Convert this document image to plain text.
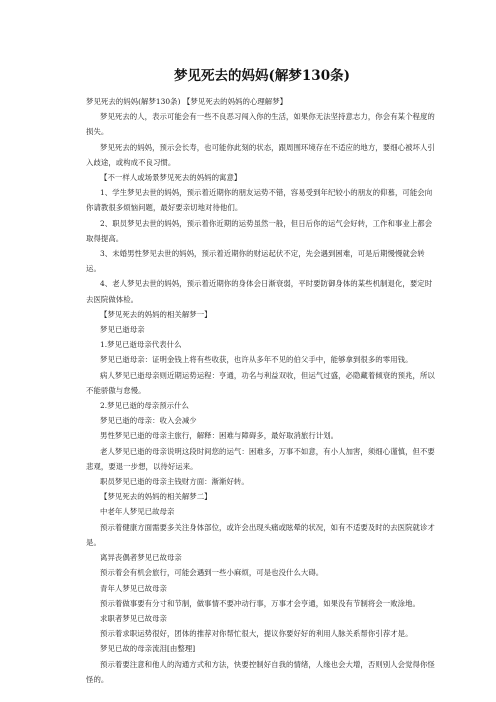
梦见死去的妈妈(解梦130条)

梦见死去的妈妈(解梦130条) 【梦见死去的妈妈的心理解梦】

梦见死去的人，表示可能会有一些不良恶习闯入你的生活，如果你无法坚持意志力，你会有某个程度的损失。

梦见死去的妈妈，预示会长寿，也可能你此刻的状态，跟周围环境存在不适应的地方，要细心被坏人引入歧途，或构成不良习惯。

【不一样人或场景梦见死去的妈妈的寓意】

1、学生梦见去世的妈妈，预示着近期你的朋友运势不错，容易受到年纪较小的朋友的仰慕，可能会向你请教很多烦恼问题，最好要亲切地对待他们。

2、职员梦见去世的妈妈，预示着你近期的运势虽然一般，但日后你的运气会好转，工作和事业上都会取得提高。

3、未婚男性梦见去世的妈妈，预示着近期你的财运起伏不定，先会遇到困难，可是后期慢慢就会转运。

4、老人梦见去世的妈妈，预示着近期你的身体会日渐衰弱，平时要防御身体的某些机制退化，要定时去医院做体检。

【梦见死去的妈妈的相关解梦一】

梦见已逝母亲

1.梦见已逝母亲代表什么

梦见已逝母亲：证明金钱上将有些收获，也许从多年不见的伯父手中，能够拿到很多的零用钱。

病人梦见已逝母亲则近期运势运程：亨通，功名与利益双收，但运气过盛，必隐藏着倾衰的预兆，所以不能骄傲与怠慢。

2.梦见已逝的母亲预示什么

梦见已逝的母亲：收入会减少

男性梦见已逝的母亲主旅行，解释：困难与障碍多，最好取消旅行计划。

老人梦见已逝的母亲说明这段时间您的运气：困难多，万事不如意，有小人加害，须细心谨慎，但不要悲观，要退一步想，以待好运来。

职员梦见已逝的母亲主钱财方面：渐渐好转。

【梦见死去的妈妈的相关解梦二】

中老年人梦见已故母亲

预示着健康方面需要多关注身体部位，或许会出现头痛或眩晕的状况，如有不适要及时的去医院就诊才是。

离异丧偶者梦见已故母亲

预示着会有机会旅行，可能会遇到一些小麻烦，可是也没什么大碍。

青年人梦见已故母亲

预示着做事要有分寸和节制，做事情不要冲动行事，万事才会亨通，如果没有节制将会一败涂地。

求职者梦见已故母亲

预示着求职运势很好，团体的推荐对你帮忙很大，提议你要好好的利用人脉关系帮你引荐才是。

梦见已故的母亲流泪[由整理]

预示着要注意和他人的沟通方式和方法，快要控制好自我的情绪，人缘也会大增，否则别人会觉得你怪怪的。
